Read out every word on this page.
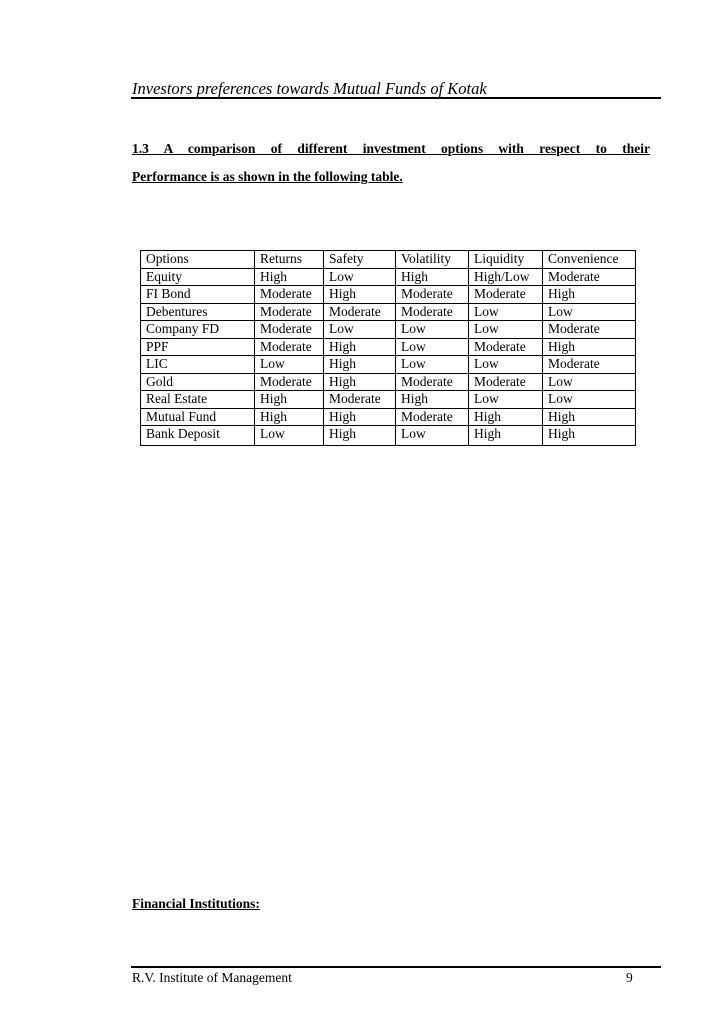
Investors preferences towards Mutual Funds of Kotak
1.3 A comparison of different investment options with respect to their
Performance is as shown in the following table.
Options	Returns	Safety	Volatility	Liquidity	Convenience
Equity	High	Low	High	High/Low	Moderate
FI Bond	Moderate	High	Moderate	Moderate	High
Debentures	Moderate	Moderate	Moderate	Low	Low
Company FD	Moderate	Low	Low	Low	Moderate
PPF	Moderate	High	Low	Moderate	High
LIC	Low	High	Low	Low	Moderate
Gold	Moderate	High	Moderate	Moderate	Low
Real Estate	High	Moderate	High	Low	Low
Mutual Fund	High	High	Moderate	High	High
Bank Deposit	Low	High	Low	High	High
Financial Institutions:
R.V. Institute of Management	9
